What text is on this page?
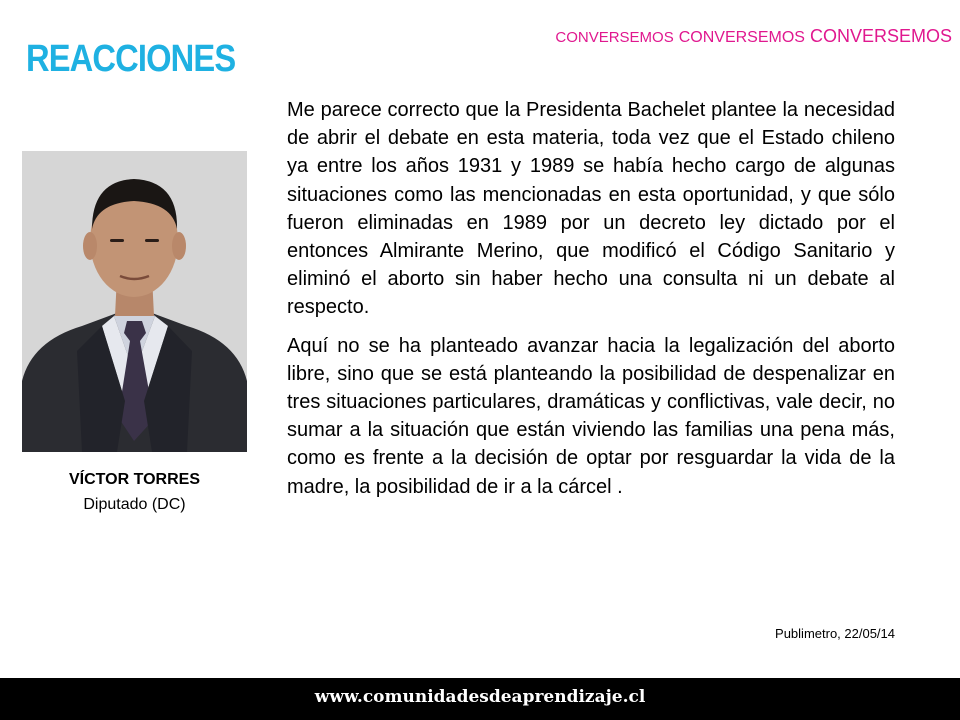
REACCIONES
CONVERSEMOS CONVERSEMOS CONVERSEMOS
VÍCTOR TORRES
Diputado (DC)

Me parece correcto que la Presidenta Bachelet plantee la necesidad de abrir el debate en esta materia, toda vez que el Estado chileno ya entre los años 1931 y 1989 se había hecho cargo de algunas situaciones como las mencionadas en esta oportunidad, y que sólo fueron eliminadas en 1989 por un decreto ley dictado por el entonces Almirante Merino, que modificó el Código Sanitario y eliminó el aborto sin haber hecho una consulta ni un debate al respecto.

Aquí no se ha planteado avanzar hacia la legalización del aborto libre, sino que se está planteando la posibilidad de despenalizar en tres situaciones particulares, dramáticas y conflictivas, vale decir, no sumar a la situación que están viviendo las familias una pena más, como es frente a la decisión de optar por resguardar la vida de la madre, la posibilidad de ir a la cárcel .

Publimetro, 22/05/14
www.comunidadesdeaprendizaje.cl
